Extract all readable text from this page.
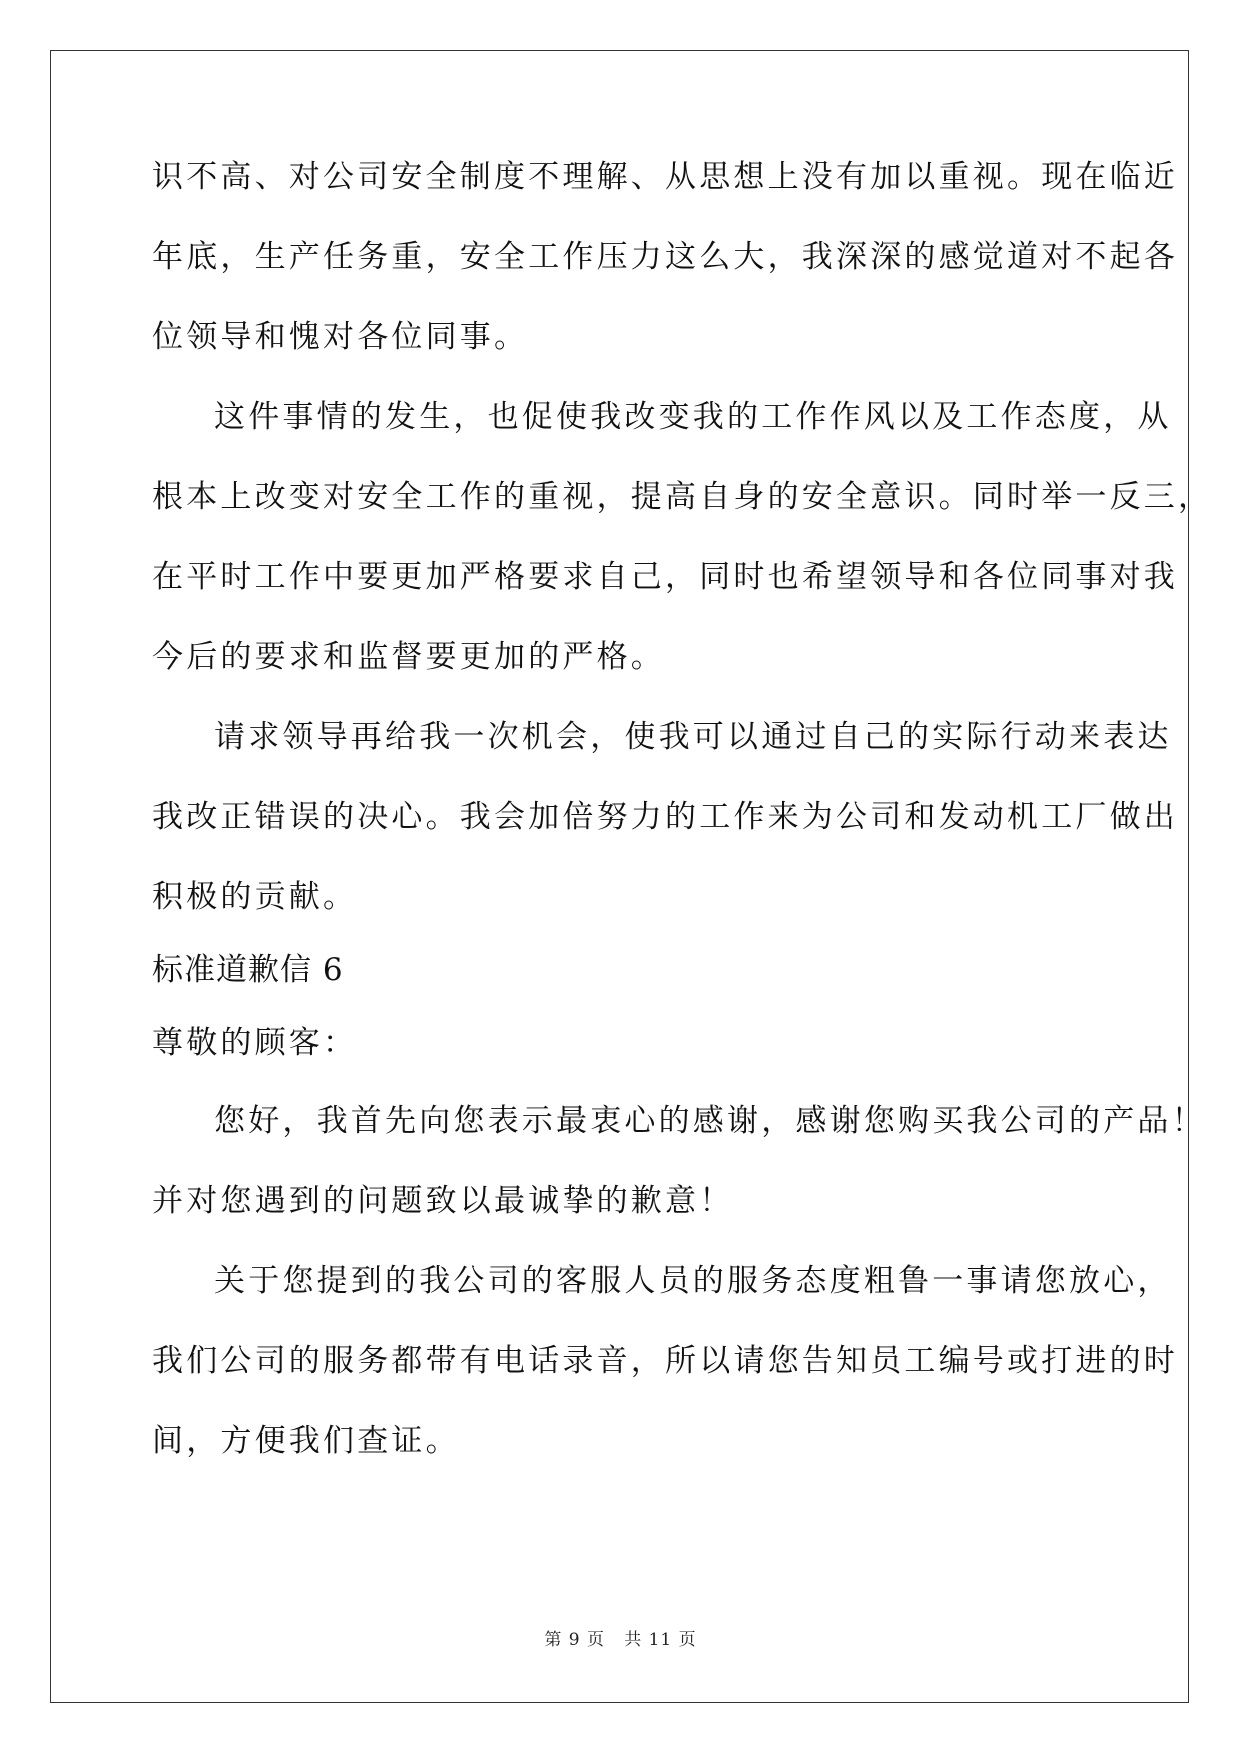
识不高、对公司安全制度不理解、从思想上没有加以重视。现在临近
年底，生产任务重，安全工作压力这么大，我深深的感觉道对不起各
位领导和愧对各位同事。
这件事情的发生，也促使我改变我的工作作风以及工作态度，从
根本上改变对安全工作的重视，提高自身的安全意识。同时举一反三，
在平时工作中要更加严格要求自己，同时也希望领导和各位同事对我
今后的要求和监督要更加的严格。
请求领导再给我一次机会，使我可以通过自己的实际行动来表达
我改正错误的决心。我会加倍努力的工作来为公司和发动机工厂做出
积极的贡献。
标准道歉信 6
尊敬的顾客：
您好，我首先向您表示最衷心的感谢，感谢您购买我公司的产品！
并对您遇到的问题致以最诚挚的歉意！
关于您提到的我公司的客服人员的服务态度粗鲁一事请您放心，
我们公司的服务都带有电话录音，所以请您告知员工编号或打进的时
间，方便我们查证。
第 9 页   共 11 页
